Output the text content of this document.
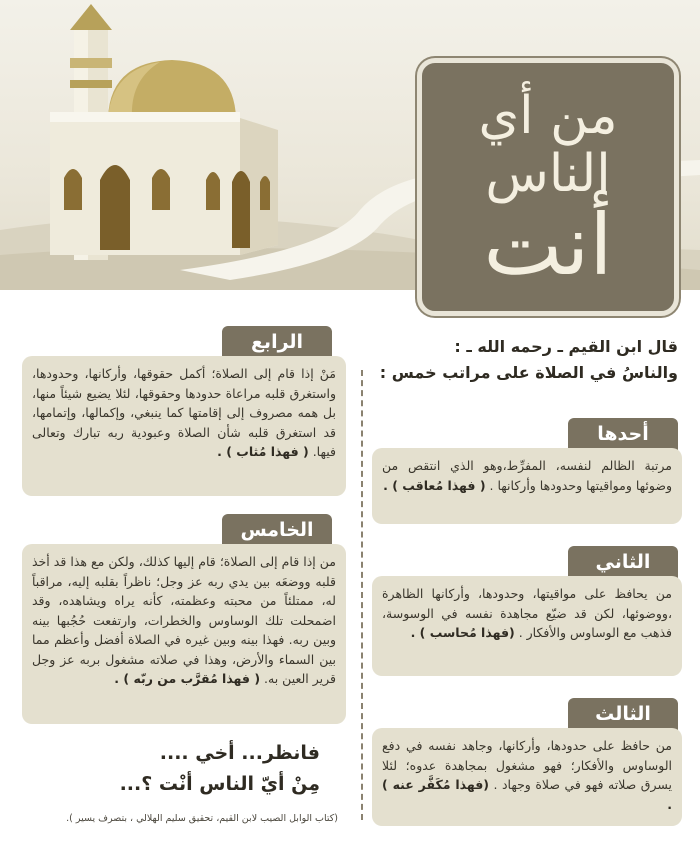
من أي
الناس
أنت
قال ابن القيم ـ رحمه الله ـ :
والناسُ في الصلاة على مراتب خمس :
أحدها
مرتبة الظالم لنفسه، المفرِّط،وهو الذي انتقص من وضوئها ومواقيتها وحدودها وأركانها . ( فهذا مُعاقب ) .
الثاني
من يحافظ على مواقيتها، وحدودها، وأركانها الظاهرة ،ووضوئها، لكن قد ضيّع مجاهدة نفسه في الوسوسة، فذهب مع الوساوس والأفكار . (فهذا مُحاسب ) .
الثالث
من حافظ على حدودها، وأركانها، وجاهد نفسه في دفع الوساوس والأفكار؛ فهو مشغول بمجاهدة عدوه؛ لئلا يسرق صلاته فهو في صلاة وجهاد . (فهذا مُكَفَّر عنه ) .
الرابع
مَنْ إذا قام إلى الصلاة؛ أكمل حقوقها، وأركانها، وحدودها، واستغرق قلبه مراعاة حدودها وحقوقها، لئلا يضيع شيئاً منها، بل همه مصروف إلى إقامتها كما ينبغي، وإكمالها، وإتمامها، قد استغرق قلبه شأن الصلاة وعبودية ربه تبارك وتعالى فيها. ( فهذا مُثاب ) .
الخامس
من إذا قام إلى الصلاة؛ قام إليها كذلك، ولكن مع هذا قد أخذ قلبه ووضعَه بين يدي ربه عز وجل؛ ناظراً بقلبه إليه، مراقباً له، ممتلئاً من محبته وعظمته، كأنه يراه ويشاهده، وقد اضمحلت تلك الوساوس والخطرات، وارتفعت حُجُبها بينه وبين ربه. فهذا بينه وبين غيره في الصلاة أفضل وأعظم مما بين السماء والأرض، وهذا في صلاته مشغول بربه عز وجل قرير العين به. ( فهذا مُقرَّب من ربّه ) .
فانظر... أخي ....
مِنْ أيّ الناس أنْت ؟...
(كتاب الوابل الصيب لابن القيم، تحقيق سليم الهلالي ، بتصرف يسير ).
